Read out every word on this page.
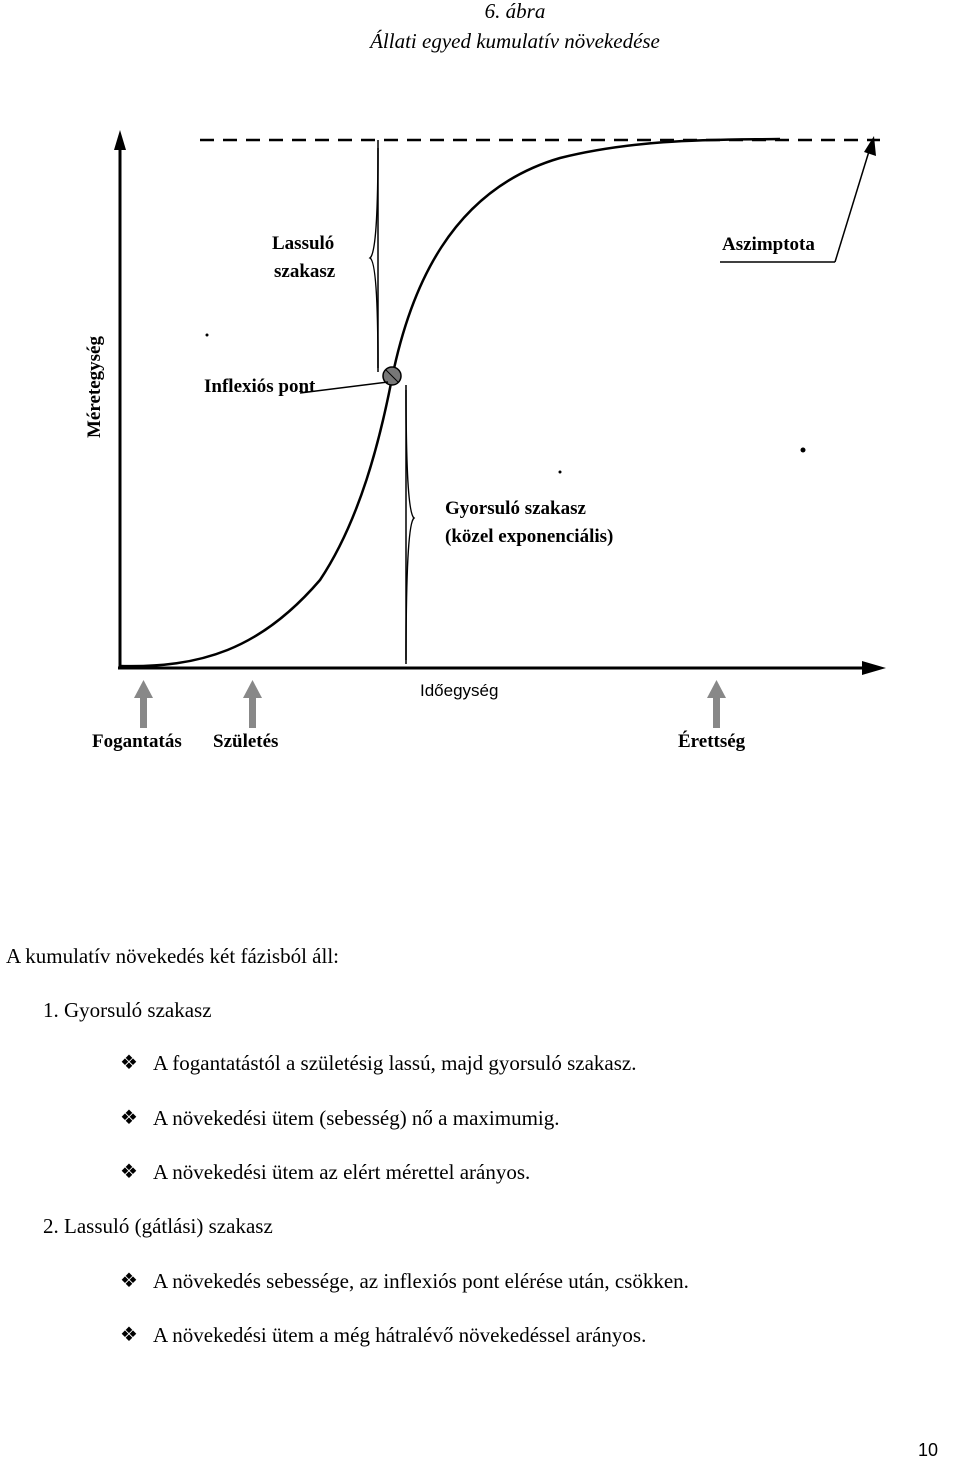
6. ábra
Állati egyed kumulatív növekedése
Méretegység
Időegység
Lassuló
szakasz
Aszimptota
Inflexiós pont
Gyorsuló szakasz
(közel exponenciális)
Fogantatás Születés	Érettség
A kumulatív növekedés két fázisból áll:
1. Gyorsuló szakasz
❖ A fogantatástól a születésig lassú, majd gyorsuló szakasz.
❖ A növekedési ütem (sebesség) nő a maximumig.
❖ A növekedési ütem az elért mérettel arányos.
2. Lassuló (gátlási) szakasz
❖ A növekedés sebessége, az inflexiós pont elérése után, csökken.
❖ A növekedési ütem a még hátralévő növekedéssel arányos.
10
